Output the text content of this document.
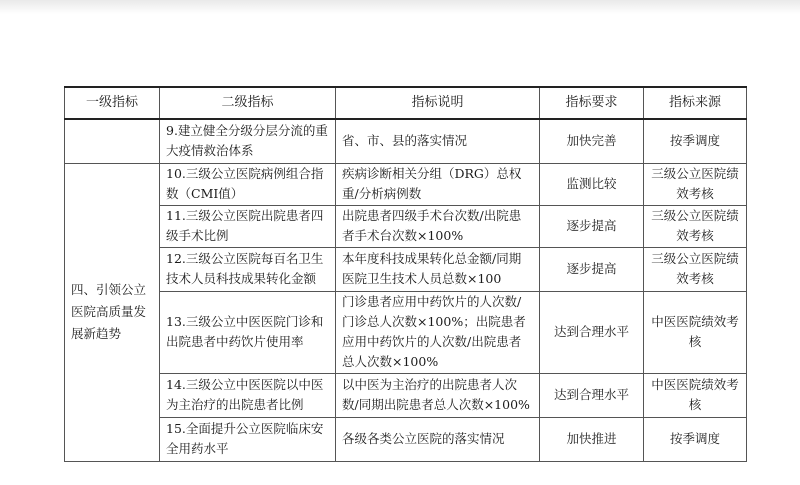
一级指标	二级指标	指标说明	指标要求	指标来源
	9.建立健全分级分层分流的重大疫情救治体系	省、市、县的落实情况	加快完善	按季调度
四、引领公立医院高质量发展新趋势	10.三级公立医院病例组合指数（CMI值）	疾病诊断相关分组（DRG）总权重/分析病例数	监测比较	三级公立医院绩效考核
	11.三级公立医院出院患者四级手术比例	出院患者四级手术台次数/出院患者手术台次数×100%	逐步提高	三级公立医院绩效考核
	12.三级公立医院每百名卫生技术人员科技成果转化金额	本年度科技成果转化总金额/同期医院卫生技术人员总数×100	逐步提高	三级公立医院绩效考核
	13.三级公立中医医院门诊和出院患者中药饮片使用率	门诊患者应用中药饮片的人次数/门诊总人次数×100%；出院患者应用中药饮片的人次数/出院患者总人次数×100%	达到合理水平	中医医院绩效考核
	14.三级公立中医医院以中医为主治疗的出院患者比例	以中医为主治疗的出院患者人次数/同期出院患者总人次数×100%	达到合理水平	中医医院绩效考核
	15.全面提升公立医院临床安全用药水平	各级各类公立医院的落实情况	加快推进	按季调度
